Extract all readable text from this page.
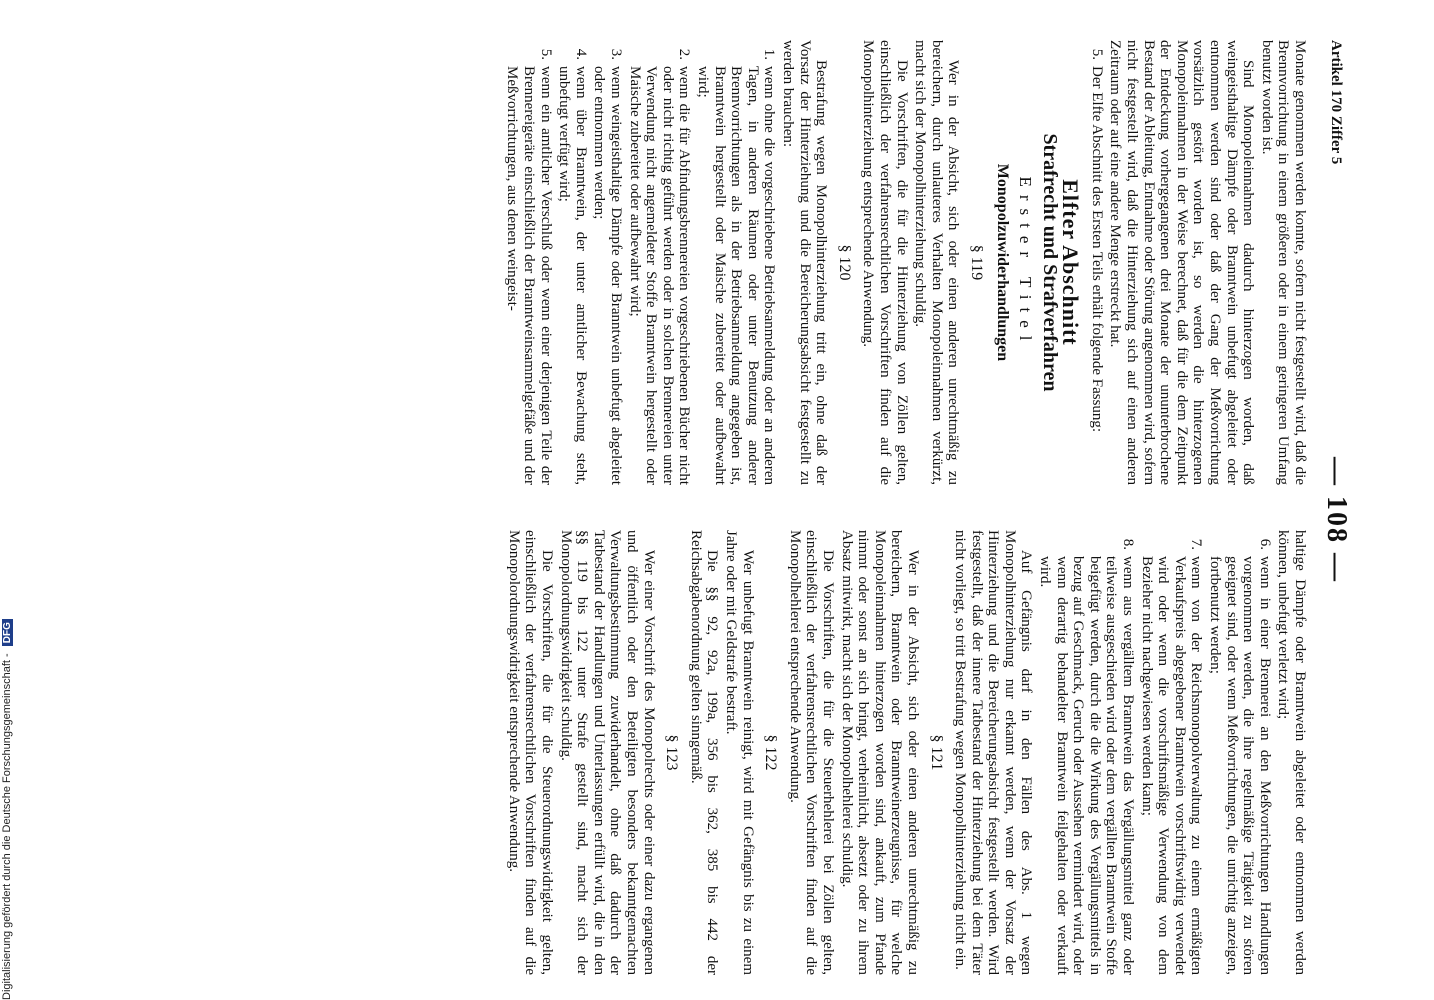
Artikel 170 Ziffer 5
— 108 —

Monate genommen werden konnte, sofern nicht festgestellt wird, daß die Brennvorrichtung in einem größeren oder in einem geringeren Umfang benutzt worden ist.

Sind Monopoleinnahmen dadurch hinterzogen worden, daß weingeisthaltige Dämpfe oder Branntwein unbefugt abgeleitet oder entnommen werden sind oder daß der Gang der Meßvorrichtung vorsätzlich gestört worden ist, so werden die hinterzogenen Monopoleinnahmen in der Weise berechnet, daß für die dem Zeitpunkt der Entdeckung vorhergegangenen drei Monate der ununterbrochene Bestand der Ableitung, Entnahme oder Störung angenommen wird, sofern nicht festgestellt wird, daß die Hinterziehung sich auf einen anderen Zeitraum oder auf eine andere Menge erstreckt hat.

5.
Der Elfte Abschnitt des Ersten Teils erhält folgende Fassung:
Elfter Abschnitt
Strafrecht und Strafverfahren
Erster Titel
Monopolzuwiderhandlungen
§ 119

Wer in der Absicht, sich oder einen anderen unrechtmäßig zu bereichern, durch unlauteres Verhalten Monopoleinnahmen verkürzt, macht sich der Monopolhinterziehung schuldig.

Die Vorschriften, die für die Hinterziehung von Zöllen gelten, einschließlich der verfahrensrechtlichen Vorschriften finden auf die Monopolhinterziehung entsprechende Anwendung.

§ 120

Bestrafung wegen Monopolhinterziehung tritt ein, ohne daß der Vorsatz der Hinterziehung und die Bereicherungsabsicht festgestellt zu werden brauchen:

1.
wenn ohne die vorgeschriebene Betriebsanmeldung oder an anderen Tagen, in anderen Räumen oder unter Benutzung anderer Brennvorrichtungen als in der Betriebsanmeldung angegeben ist, Branntwein hergestellt oder Maische zubereitet oder aufbewahrt wird;
2.
wenn die für Abfindungsbrennereien vorgeschriebenen Bücher nicht oder nicht richtig geführt werden oder in solchen Brennereien unter Verwendung nicht angemeldeter Stoffe Branntwein hergestellt oder Maische zubereitet oder aufbewahrt wird;
3.
wenn weingeisthaltige Dämpfe oder Branntwein unbefugt abgeleitet oder entnommen werden;
4.
wenn über Branntwein, der unter amtlicher Bewachung steht, unbefugt verfügt wird;
5.
wenn ein amtlicher Verschluß oder wenn einer derjenigen Teile der Brennereigeräte einschließlich der Branntweinsammelgefäße und der Meßvorrichtungen, aus denen weingeist-

haltige Dämpfe oder Branntwein abgeleitet oder entnommen werden können, unbefugt verletzt wird;

6.
wenn in einer Brennerei an den Meßvorrichtungen Handlungen vorgenommen werden, die ihre regelmäßige Tätigkeit zu stören geeignet sind, oder wenn Meßvorrichtungen, die unrichtig anzeigen, fortbenutzt werden;
7.
wenn von der Reichsmonopolverwaltung zu einem ermäßigten Verkaufspreis abgegebener Branntwein vorschriftswidrig verwendet wird oder wenn die vorschriftsmäßige Verwendung von dem Bezieher nicht nachgewiesen werden kann;
8.
wenn aus vergälltem Branntwein das Vergällungsmittel ganz oder teilweise ausgeschieden wird oder dem vergällten Branntwein Stoffe beigefügt werden, durch die die Wirkung des Vergällungsmittels in bezug auf Geschmack, Geruch oder Aussehen vermindert wird, oder wenn derartig behandelter Branntwein feilgehalten oder verkauft wird.

Auf Gefängnis darf in den Fällen des Abs. 1 wegen Monopolhinterziehung nur erkannt werden, wenn der Vorsatz der Hinterziehung und die Bereicherungsabsicht festgestellt werden. Wird festgestellt, daß der innere Tatbestand der Hinterziehung bei dem Täter nicht vorliegt, so tritt Bestrafung wegen Monopolhinterziehung nicht ein.

§ 121

Wer in der Absicht, sich oder einen anderen unrechtmäßig zu bereichern, Branntwein oder Branntweinerzeugnisse, für welche Monopoleinnahmen hinterzogen worden sind, ankauft, zum Pfande nimmt oder sonst an sich bringt, verheimlicht, absetzt oder zu ihrem Absatz mitwirkt, macht sich der Monopolhehlerei schuldig.

Die Vorschriften, die für die Steuerhehlerei bei Zöllen gelten, einschließlich der verfahrensrechtlichen Vorschriften finden auf die Monopolhehlerei entsprechende Anwendung.

§ 122

Wer unbefugt Branntwein reinigt, wird mit Gefängnis bis zu einem Jahre oder mit Geldstrafe bestraft.

Die §§ 92, 92a, 199a, 356 bis 362, 385 bis 442 der Reichsabgabenordnung gelten sinngemäß.

§ 123

Wer einer Vorschrift des Monopolrechts oder einer dazu ergangenen und öffentlich oder den Beteiligten besonders bekanntgemachten Verwaltungsbestimmung zuwiderhandelt, ohne daß dadurch der Tatbestand der Handlungen und Unterlassungen erfüllt wird, die in den §§ 119 bis 122 unter Strafe gestellt sind, macht sich der Monopolordnungswidrigkeit schuldig.

Die Vorschriften, die für die Steuerordnungswidrigkeit gelten, einschließlich der verfahrensrechtlichen Vorschriften finden auf die Monopolordnungswidrigkeit entsprechende Anwendung.

Digitalisierung gefördert durch die Deutsche Forschungsgemeinschaft - DFG
